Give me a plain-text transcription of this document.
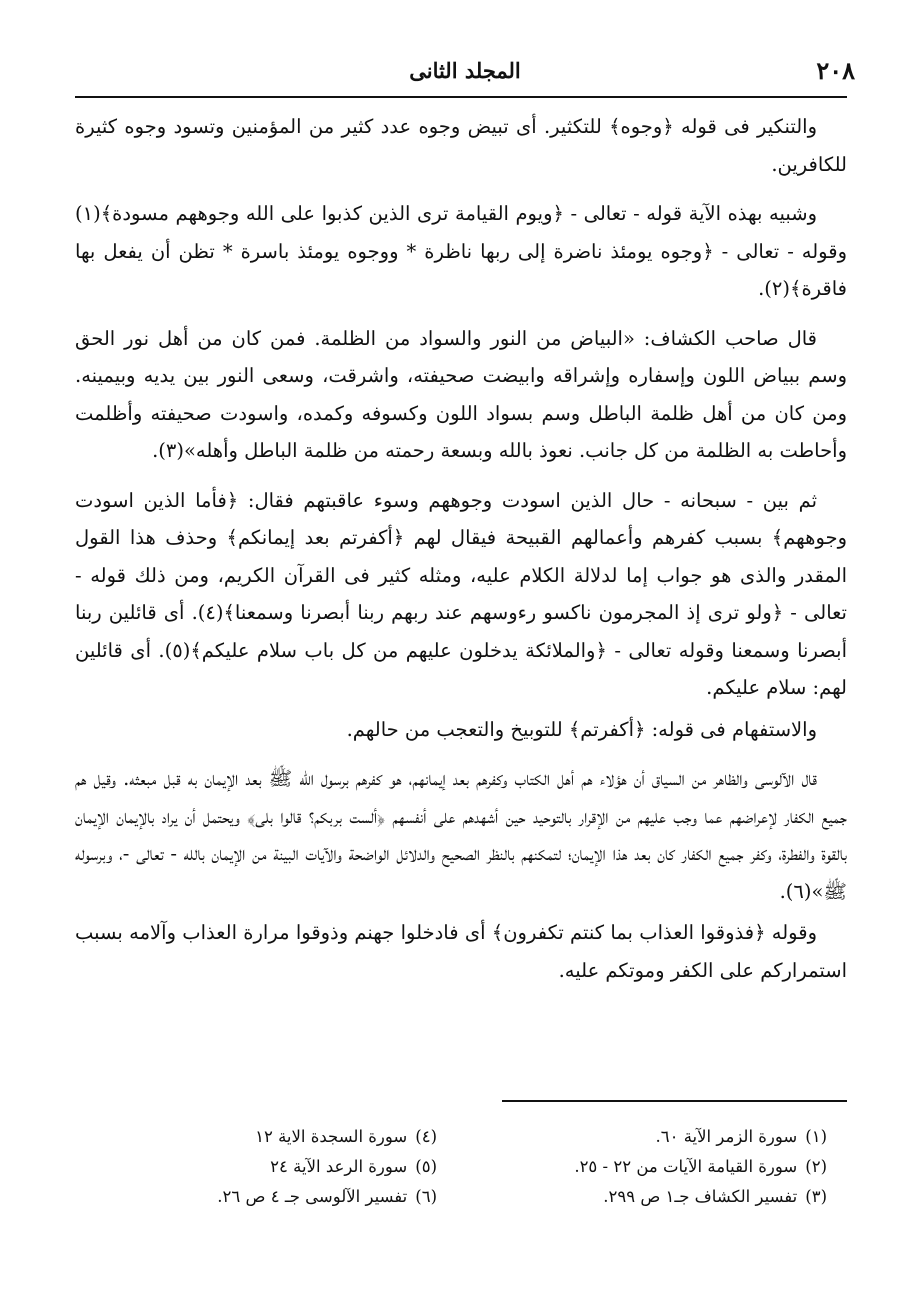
٢٠٨
المجلد الثانى

والتنكير فى قوله ﴿وجوه﴾ للتكثير. أى تبيض وجوه عدد كثير من المؤمنين وتسود وجوه كثيرة للكافرين.

وشبيه بهذه الآية قوله - تعالى - ﴿ويوم القيامة ترى الذين كذبوا على الله وجوههم مسودة﴾(١) وقوله - تعالى - ﴿وجوه يومئذ ناضرة إلى ربها ناظرة * ووجوه يومئذ باسرة * تظن أن يفعل بها فاقرة﴾(٢).

قال صاحب الكشاف: «البياض من النور والسواد من الظلمة. فمن كان من أهل نور الحق وسم ببياض اللون وإسفاره وإشراقه وابيضت صحيفته، واشرقت، وسعى النور بين يديه وبيمينه. ومن كان من أهل ظلمة الباطل وسم بسواد اللون وكسوفه وكمده، واسودت صحيفته وأظلمت وأحاطت به الظلمة من كل جانب. نعوذ بالله وبسعة رحمته من ظلمة الباطل وأهله»(٣).

ثم بين - سبحانه - حال الذين اسودت وجوههم وسوء عاقبتهم فقال: ﴿فأما الذين اسودت وجوههم﴾ بسبب كفرهم وأعمالهم القبيحة فيقال لهم ﴿أكفرتم بعد إيمانكم﴾ وحذف هذا القول المقدر والذى هو جواب إما لدلالة الكلام عليه، ومثله كثير فى القرآن الكريم، ومن ذلك قوله - تعالى - ﴿ولو ترى إذ المجرمون ناكسو رءوسهم عند ربهم ربنا أبصرنا وسمعنا﴾(٤). أى قائلين ربنا أبصرنا وسمعنا وقوله تعالى - ﴿والملائكة يدخلون عليهم من كل باب سلام عليكم﴾(٥). أى قائلين لهم: سلام عليكم.

والاستفهام فى قوله: ﴿أكفرتم﴾ للتوبيخ والتعجب من حالهم.

قال الآلوسى والظاهر من السياق أن هؤلاء هم أهل الكتاب وكفرهم بعد إيمانهم، هو كفرهم برسول الله ﷺ بعد الإيمان به قبل مبعثه. وقيل هم جميع الكفار لإعراضهم عما وجب عليهم من الإقرار بالتوحيد حين أشهدهم على أنفسهم ﴿ألست بربكم؟ قالوا بلى﴾ ويحتمل أن يراد بالإيمان الإيمان بالقوة والفطرة، وكفر جميع الكفار كان بعد هذا الإيمان؛ لتمكنهم بالنظر الصحيح والدلائل الواضحة والآيات البينة من الإيمان بالله - تعالى -، وبرسوله ﷺ»(٦).

وقوله ﴿فذوقوا العذاب بما كنتم تكفرون﴾ أى فادخلوا جهنم وذوقوا مرارة العذاب وآلامه بسبب استمراركم على الكفر وموتكم عليه.

(١)سورة الزمر الآية ٦٠.
(٢)سورة القيامة الآيات من ٢٢ - ٢٥.
(٣)تفسير الكشاف جـ١ ص ٢٩٩.
(٤)سورة السجدة الاية ١٢
(٥)سورة الرعد الآية ٢٤
(٦)تفسير الآلوسى جـ ٤ ص ٢٦.
